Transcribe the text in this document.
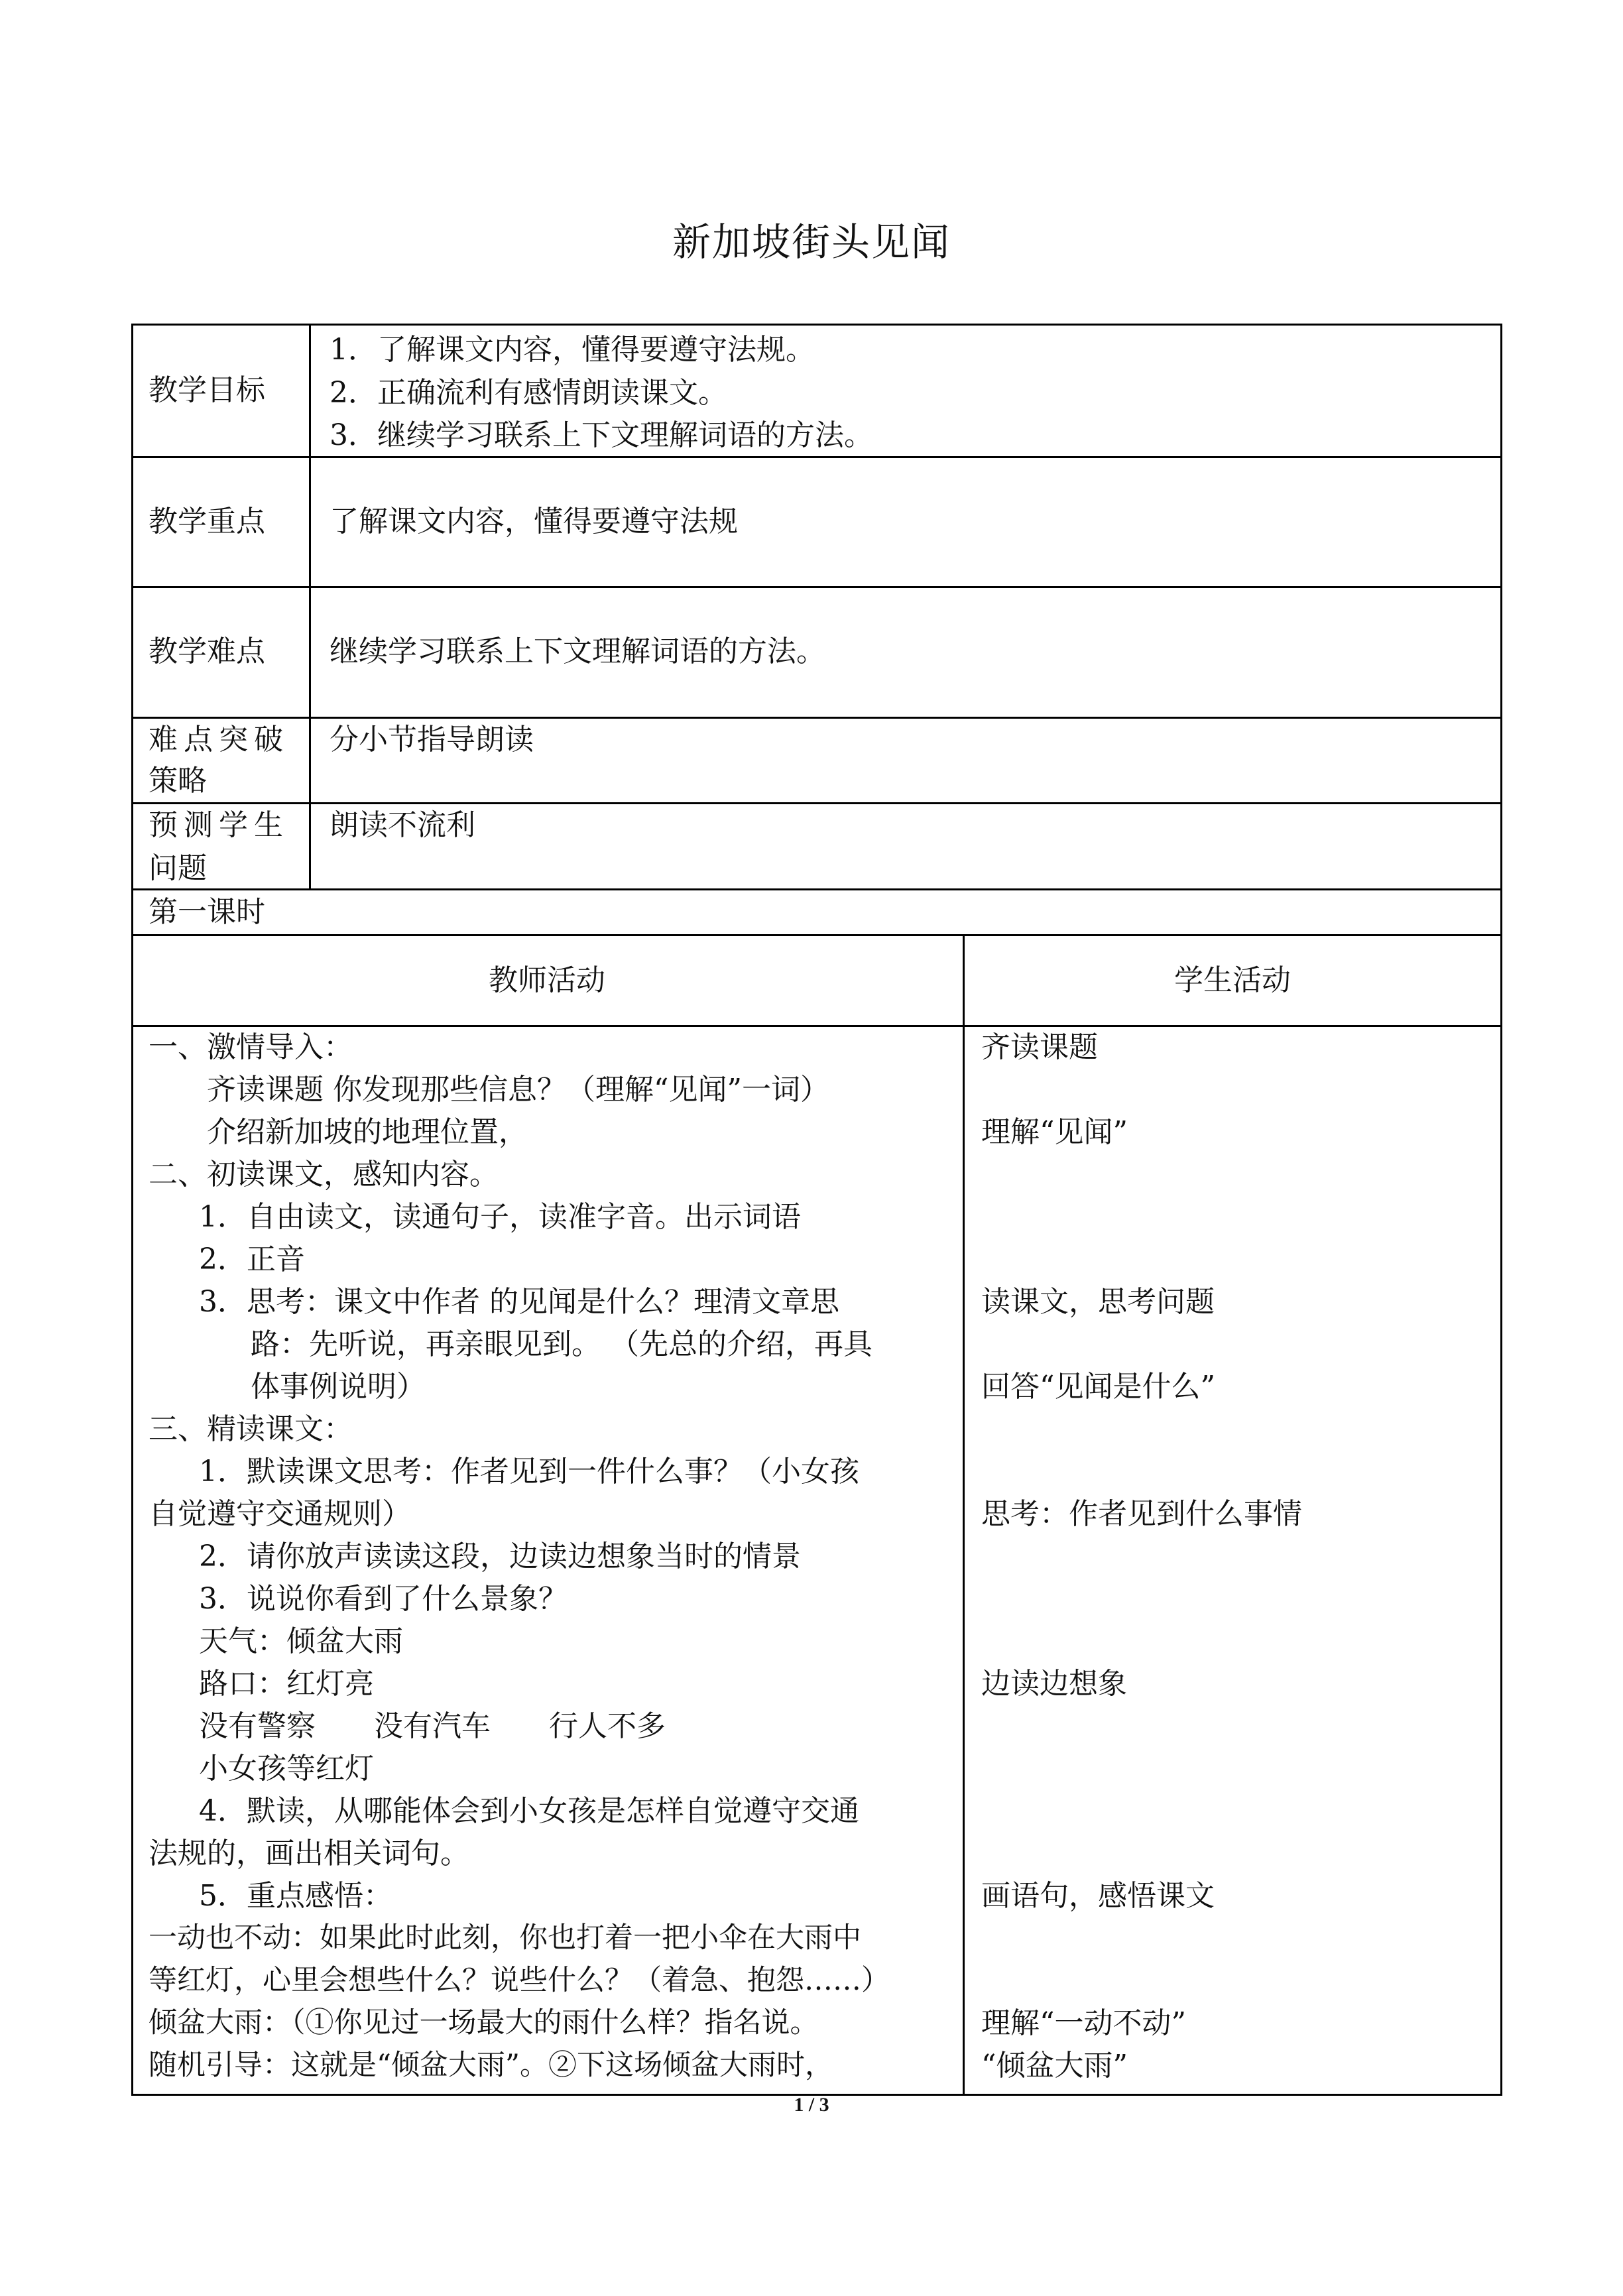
新加坡街头见闻
教学目标
1．了解课文内容，懂得要遵守法规。
2．正确流利有感情朗读课文。
3．继续学习联系上下文理解词语的方法。
教学重点 了解课文内容，懂得要遵守法规
教学难点 继续学习联系上下文理解词语的方法。
难点突破
策略
分小节指导朗读
预测学生
问题
朗读不流利
第一课时
教师活动	学生活动
一、激情导入：
齐读课题 你发现那些信息？（理解“见闻”一词）
介绍新加坡的地理位置，
二、初读课文，感知内容。
1．自由读文，读通句子，读准字音。出示词语
2．正音
3．思考：课文中作者 的见闻是什么？理清文章思
路：先听说，再亲眼见到。 （先总的介绍，再具
体事例说明）
三、精读课文：
1．默读课文思考：作者见到一件什么事？（小女孩
自觉遵守交通规则）
2．请你放声读读这段，边读边想象当时的情景
3．说说你看到了什么景象？
天气：倾盆大雨
路口：红灯亮
没有警察　　没有汽车　　行人不多
小女孩等红灯
4．默读，从哪能体会到小女孩是怎样自觉遵守交通
法规的，画出相关词句。
5．重点感悟：
一动也不动：如果此时此刻，你也打着一把小伞在大雨中
等红灯，心里会想些什么？说些什么？（着急、抱怨……）
倾盆大雨：（①你见过一场最大的雨什么样？指名说。
随机引导：这就是“倾盆大雨”。②下这场倾盆大雨时，
齐读课题
理解“见闻”
读课文，思考问题
回答“见闻是什么”
思考：作者见到什么事情
边读边想象
画语句，感悟课文
理解“一动不动”
“倾盆大雨”
1 / 3
